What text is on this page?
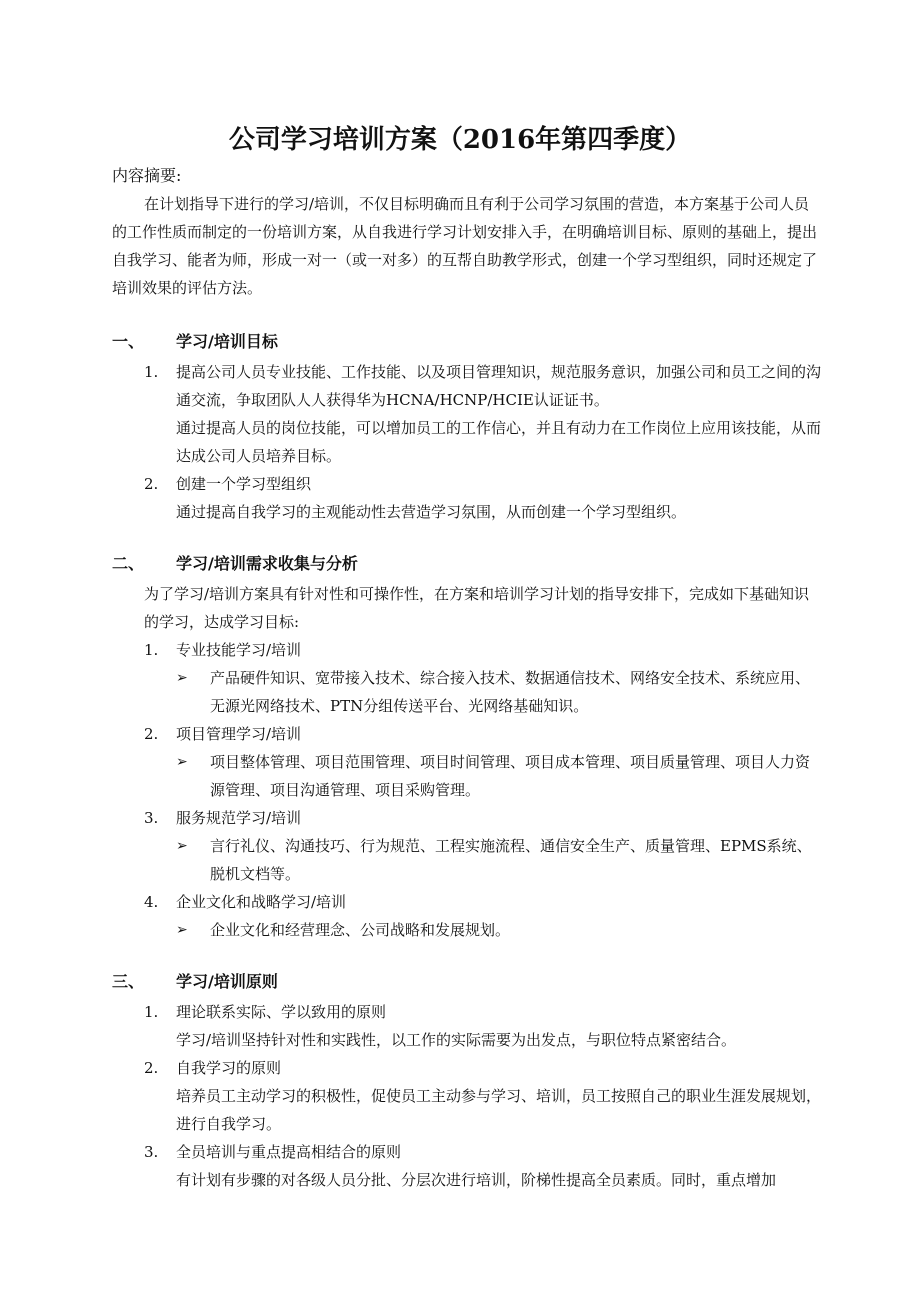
公司学习培训方案（2016年第四季度）
内容摘要:
在计划指导下进行的学习/培训，不仅目标明确而且有利于公司学习氛围的营造，本方案基于公司人员的工作性质而制定的一份培训方案，从自我进行学习计划安排入手，在明确培训目标、原则的基础上，提出自我学习、能者为师，形成一对一（或一对多）的互帮自助教学形式，创建一个学习型组织，同时还规定了培训效果的评估方法。
一、 学习/培训目标
1.	提高公司人员专业技能、工作技能、以及项目管理知识，规范服务意识，加强公司和员工之间的沟通交流，争取团队人人获得华为HCNA/HCNP/HCIE认证证书。
通过提高人员的岗位技能，可以增加员工的工作信心，并且有动力在工作岗位上应用该技能，从而达成公司人员培养目标。
2.	创建一个学习型组织
通过提高自我学习的主观能动性去营造学习氛围，从而创建一个学习型组织。
二、 学习/培训需求收集与分析
为了学习/培训方案具有针对性和可操作性，在方案和培训学习计划的指导安排下，完成如下基础知识的学习，达成学习目标:
1.	专业技能学习/培训
➢ 产品硬件知识、宽带接入技术、综合接入技术、数据通信技术、网络安全技术、系统应用、无源光网络技术、PTN分组传送平台、光网络基础知识。
2.	项目管理学习/培训
➢ 项目整体管理、项目范围管理、项目时间管理、项目成本管理、项目质量管理、项目人力资源管理、项目沟通管理、项目采购管理。
3.	服务规范学习/培训
➢ 言行礼仪、沟通技巧、行为规范、工程实施流程、通信安全生产、质量管理、EPMS系统、脱机文档等。
4.	企业文化和战略学习/培训
➢ 企业文化和经营理念、公司战略和发展规划。
三、 学习/培训原则
1.	理论联系实际、学以致用的原则
学习/培训坚持针对性和实践性，以工作的实际需要为出发点，与职位特点紧密结合。
2.	自我学习的原则
培养员工主动学习的积极性，促使员工主动参与学习、培训，员工按照自己的职业生涯发展规划，进行自我学习。
3.	全员培训与重点提高相结合的原则
有计划有步骤的对各级人员分批、分层次进行培训，阶梯性提高全员素质。同时，重点增加
